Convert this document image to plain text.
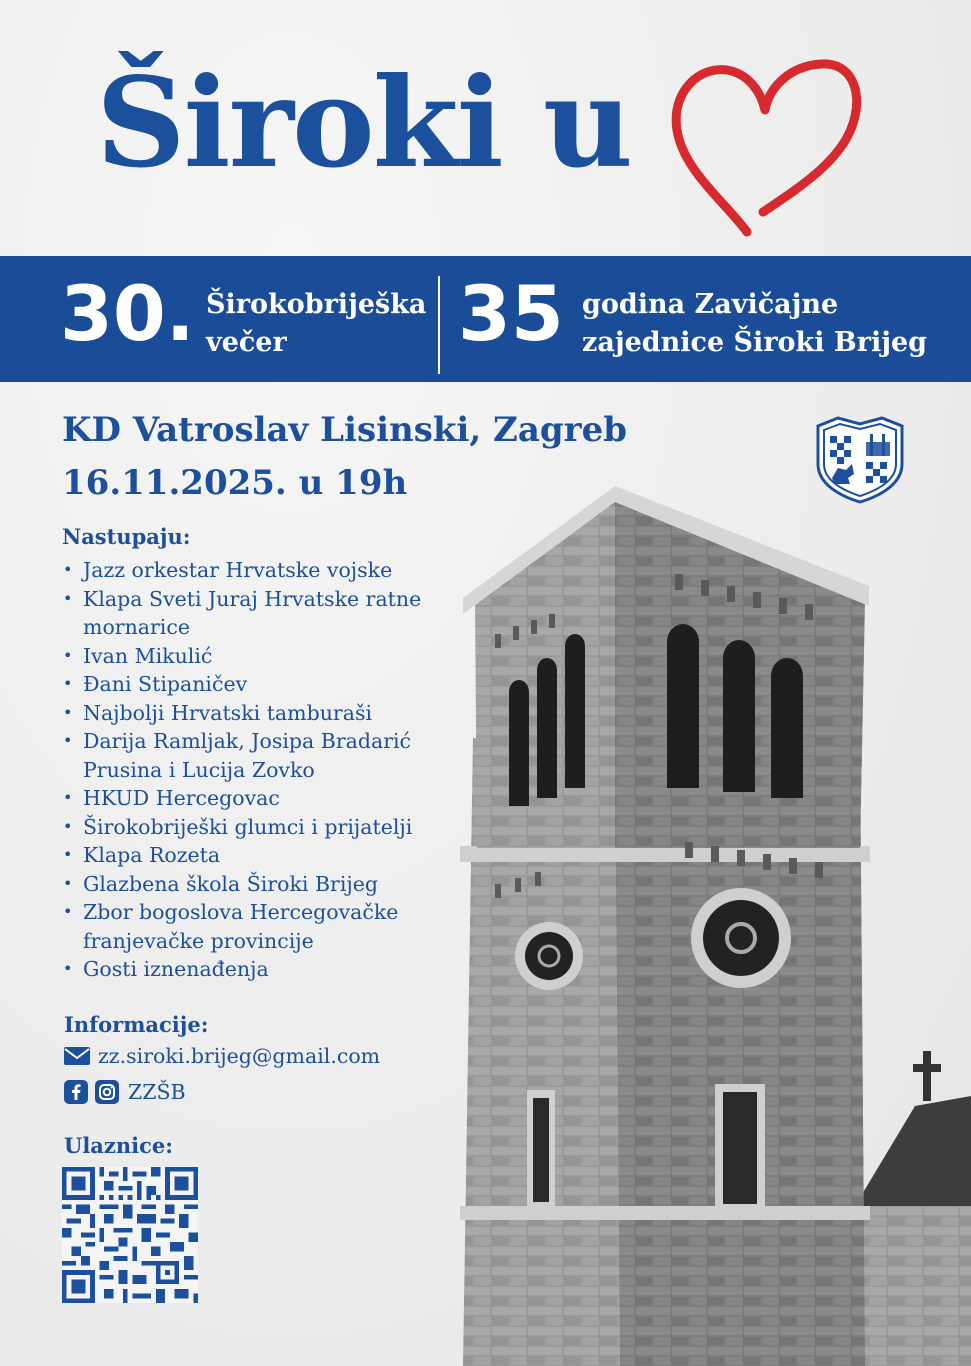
Široki u
30. Širokobriješka
večer	35 godina Zavičajne
zajednice Široki Brijeg
KD Vatroslav Lisinski, Zagreb
16.11.2025. u 19h
Nastupaju:
• Jazz orkestar Hrvatske vojske
• Klapa Sveti Juraj Hrvatske ratne mornarice
• Ivan Mikulić
• Đani Stipaničev
• Najbolji Hrvatski tamburaši
• Darija Ramljak, Josipa Bradarić Prusina i Lucija Zovko
• HKUD Hercegovac
• Širokobriješki glumci i prijatelji
• Klapa Rozeta
• Glazbena škola Široki Brijeg
• Zbor bogoslova Hercegovačke franjevačke provincije
• Gosti iznenađenja
Informacije:
zz.siroki.brijeg@gmail.com
ZZŠB
Ulaznice:
